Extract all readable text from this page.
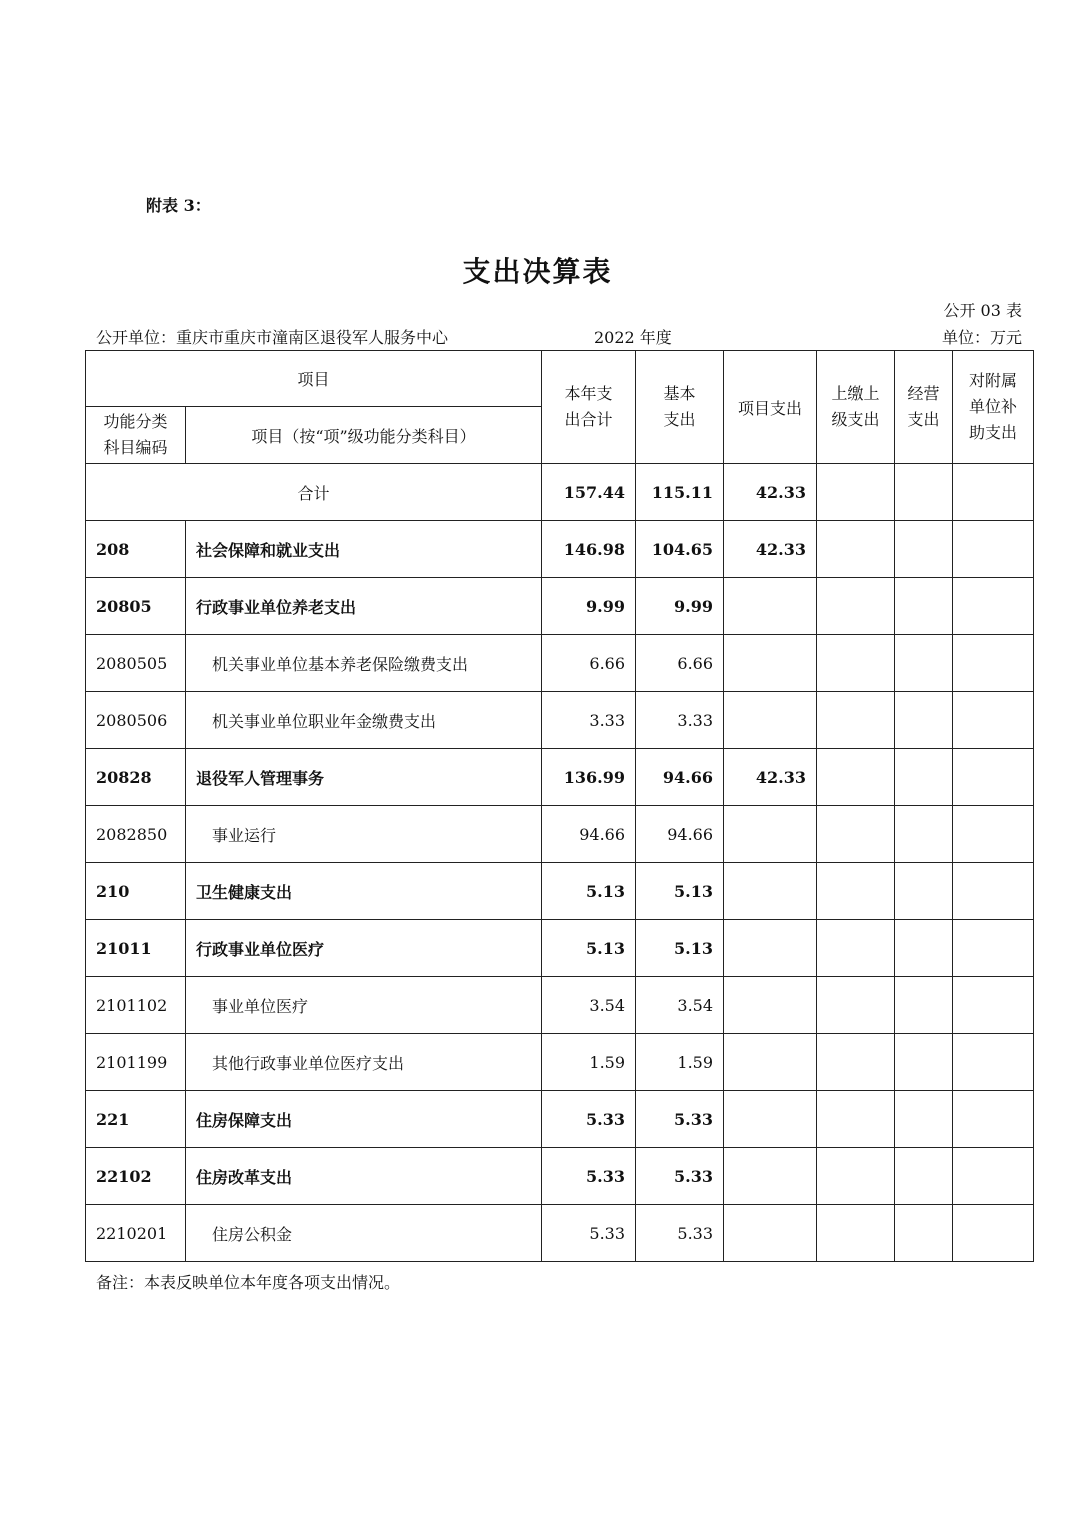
附表 3：
支出决算表
公开 03 表
公开单位：重庆市重庆市潼南区退役军人服务中心	2022 年度	单位：万元
项目		本年支出合计	基本支出	项目支出	上缴上级支出	经营支出	对附属单位补助支出

功能分类科目编码	项目（按“项”级功能分类科目）						
合计		157.44	115.11	42.33			

208	社会保障和就业支出	146.98	104.65	42.33			
20805	行政事业单位养老支出	9.99	9.99				
2080505	机关事业单位基本养老保险缴费支出	6.66	6.66				
2080506	机关事业单位职业年金缴费支出	3.33	3.33				
20828	退役军人管理事务	136.99	94.66	42.33			
2082850	事业运行	94.66	94.66				
210	卫生健康支出	5.13	5.13				
21011	行政事业单位医疗	5.13	5.13				
2101102	事业单位医疗	3.54	3.54				
2101199	其他行政事业单位医疗支出	1.59	1.59				
221	住房保障支出	5.33	5.33				
22102	住房改革支出	5.33	5.33				
2210201	住房公积金	5.33	5.33				
备注：本表反映单位本年度各项支出情况。
